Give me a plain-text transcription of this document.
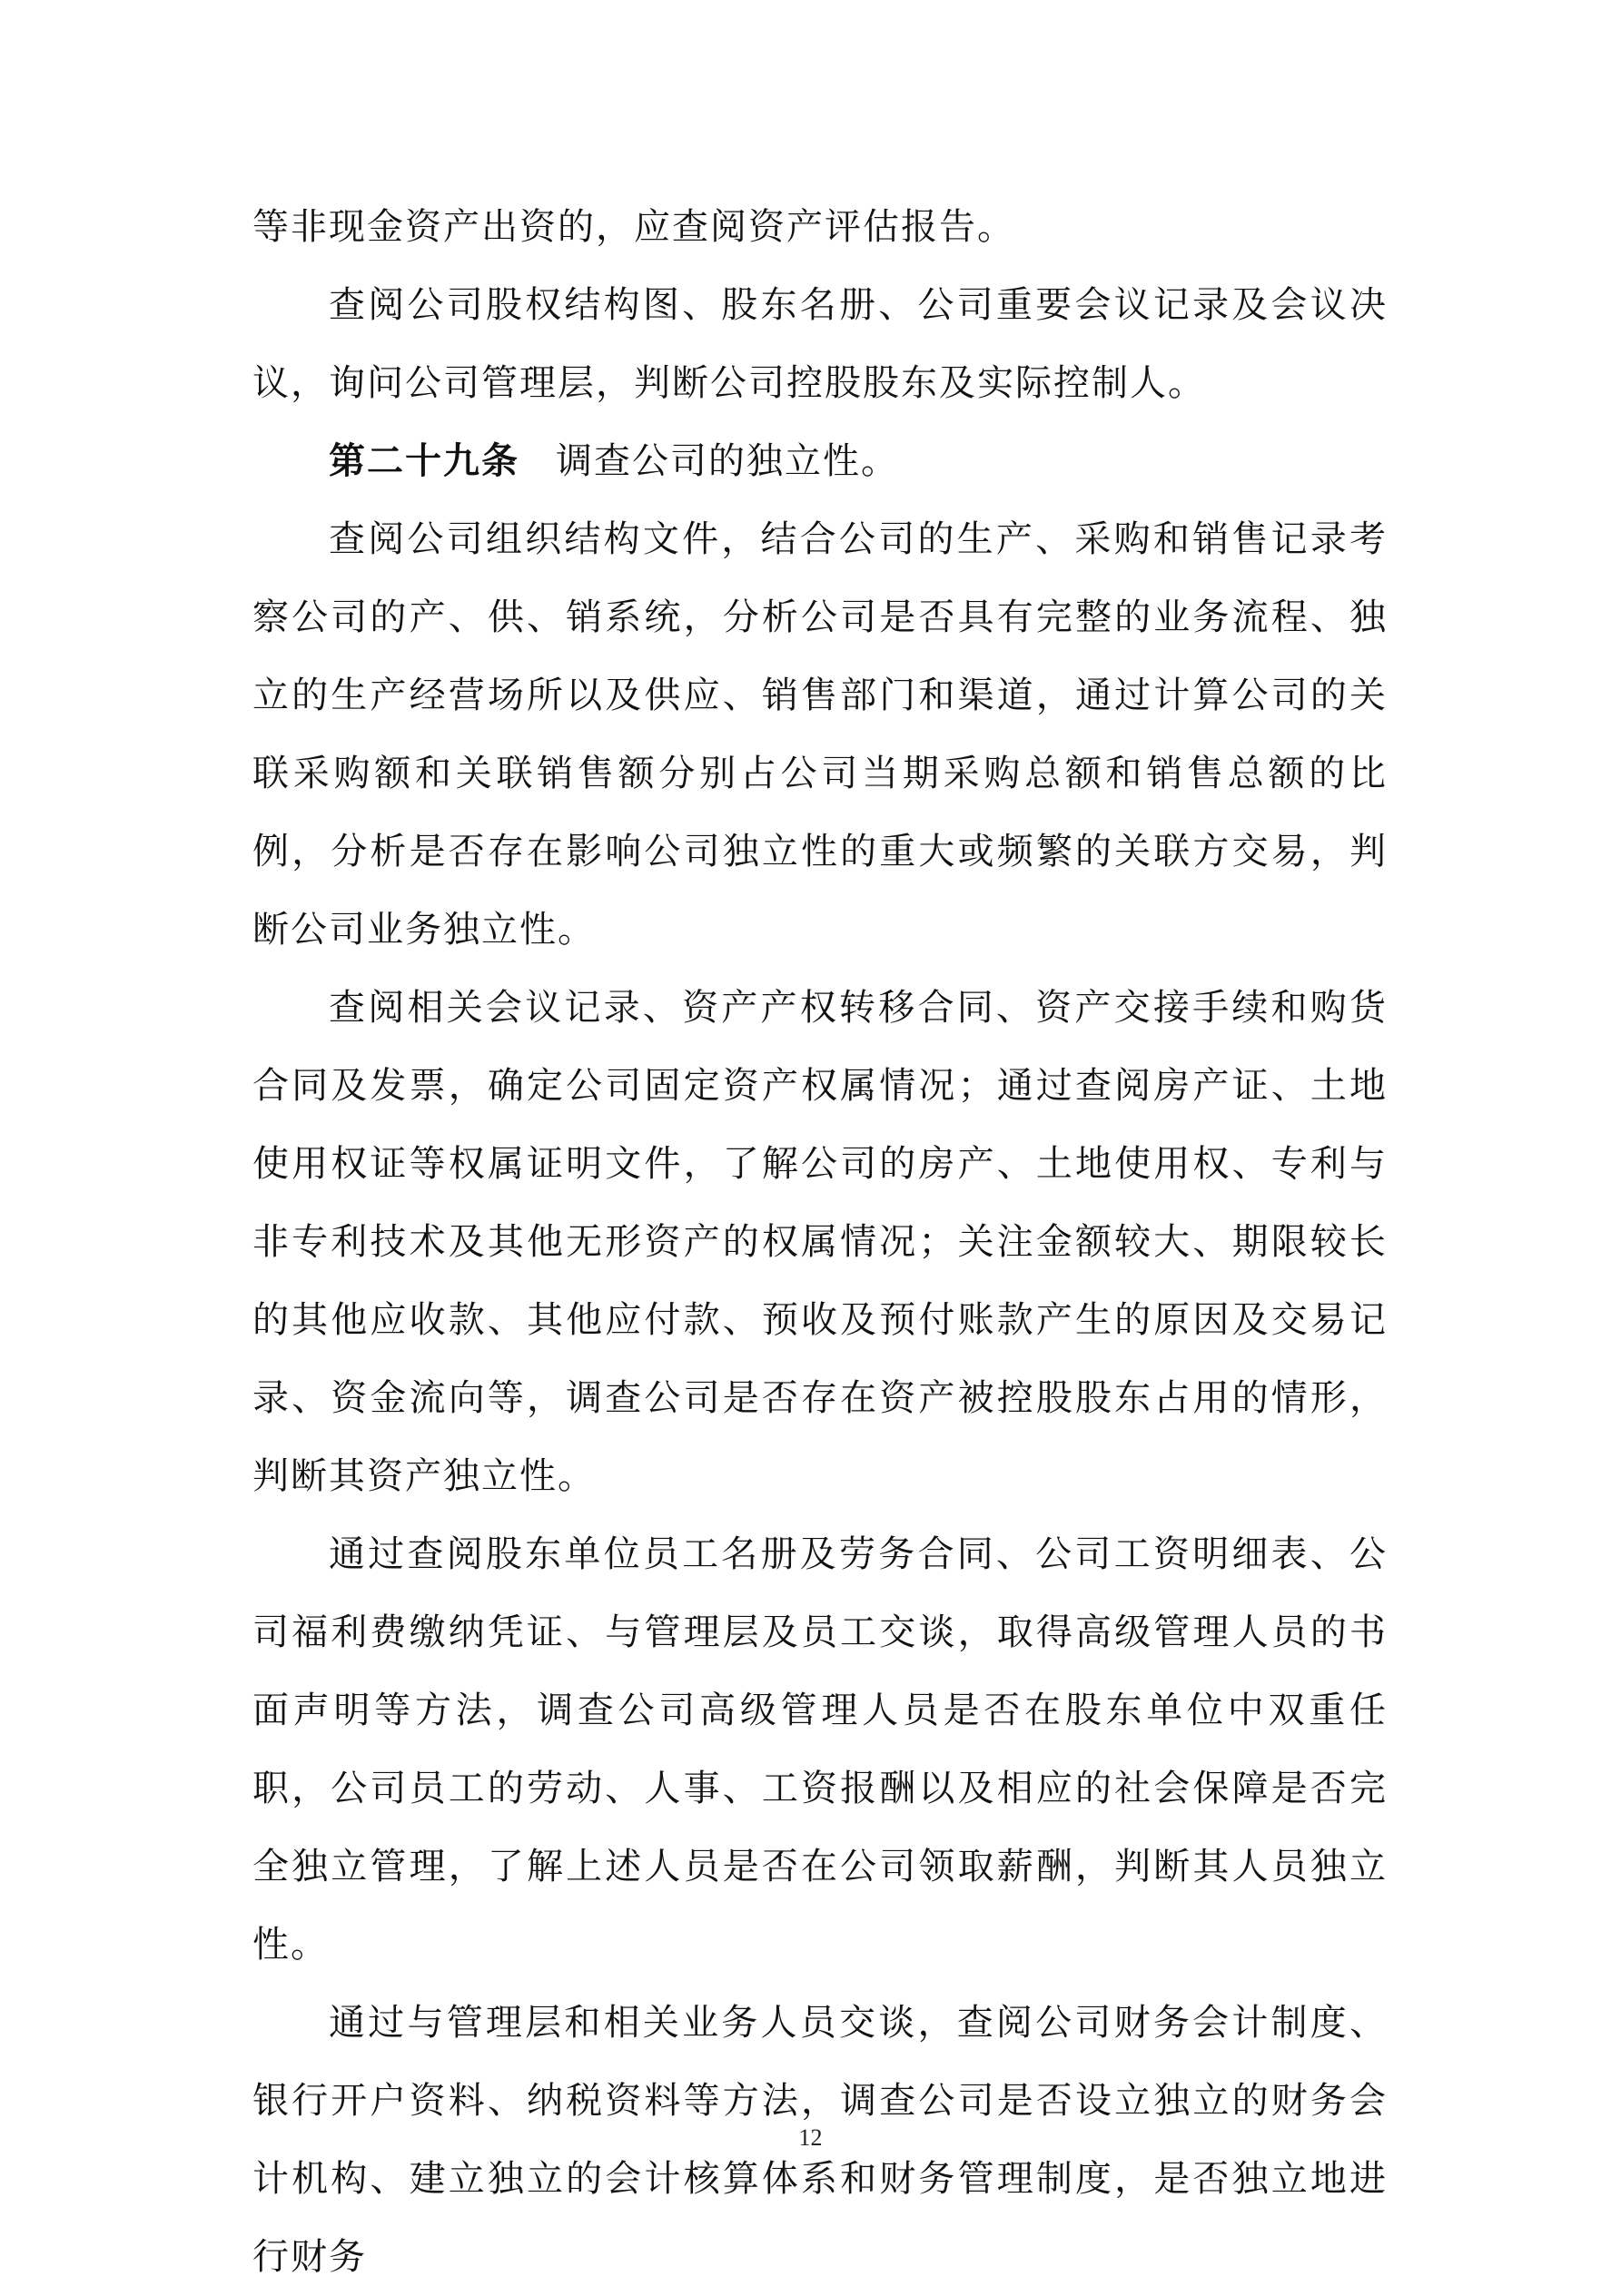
等非现金资产出资的，应查阅资产评估报告。

查阅公司股权结构图、股东名册、公司重要会议记录及会议决议，询问公司管理层，判断公司控股股东及实际控制人。

第二十九条 调查公司的独立性。

查阅公司组织结构文件，结合公司的生产、采购和销售记录考察公司的产、供、销系统，分析公司是否具有完整的业务流程、独立的生产经营场所以及供应、销售部门和渠道，通过计算公司的关联采购额和关联销售额分别占公司当期采购总额和销售总额的比例，分析是否存在影响公司独立性的重大或频繁的关联方交易，判断公司业务独立性。

查阅相关会议记录、资产产权转移合同、资产交接手续和购货合同及发票，确定公司固定资产权属情况；通过查阅房产证、土地使用权证等权属证明文件，了解公司的房产、土地使用权、专利与非专利技术及其他无形资产的权属情况；关注金额较大、期限较长的其他应收款、其他应付款、预收及预付账款产生的原因及交易记录、资金流向等，调查公司是否存在资产被控股股东占用的情形，判断其资产独立性。

通过查阅股东单位员工名册及劳务合同、公司工资明细表、公司福利费缴纳凭证、与管理层及员工交谈，取得高级管理人员的书面声明等方法，调查公司高级管理人员是否在股东单位中双重任职，公司员工的劳动、人事、工资报酬以及相应的社会保障是否完全独立管理，了解上述人员是否在公司领取薪酬，判断其人员独立性。

通过与管理层和相关业务人员交谈，查阅公司财务会计制度、银行开户资料、纳税资料等方法，调查公司是否设立独立的财务会计机构、建立独立的会计核算体系和财务管理制度，是否独立地进行财务

12
